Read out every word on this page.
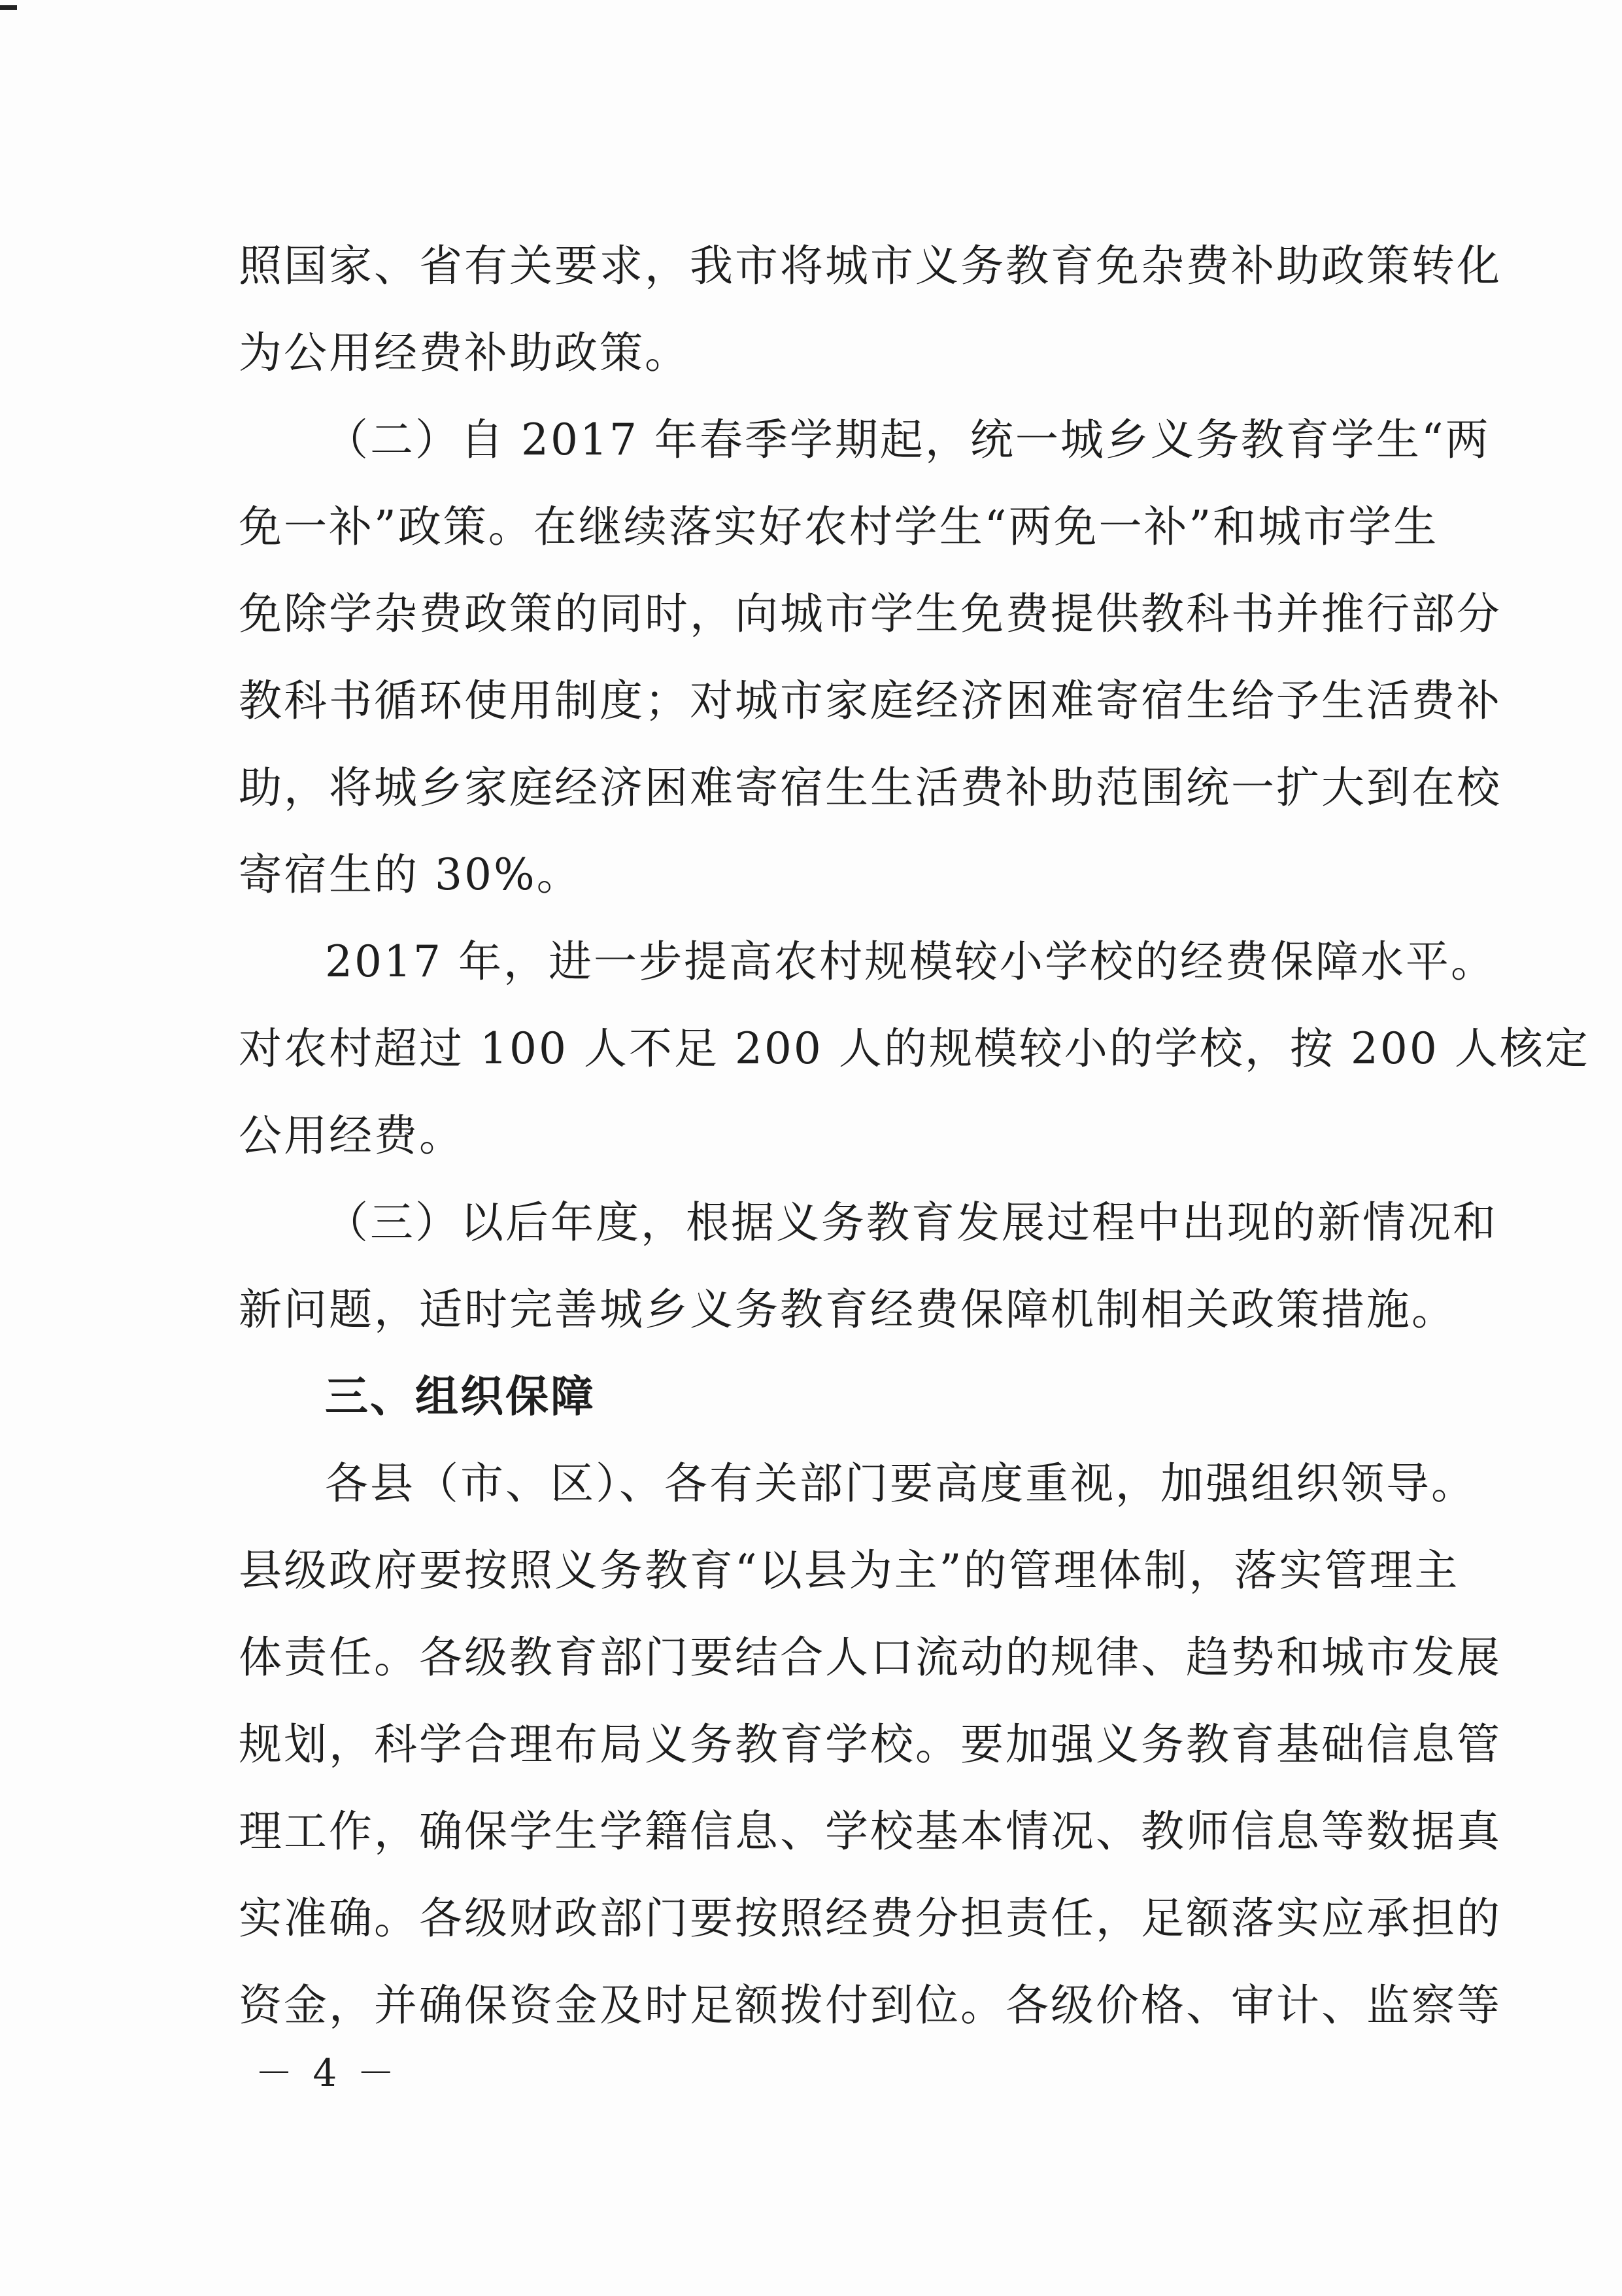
照国家、省有关要求，我市将城市义务教育免杂费补助政策转化
为公用经费补助政策。
（二）自 2017 年春季学期起，统一城乡义务教育学生“两
免一补”政策。在继续落实好农村学生“两免一补”和城市学生
免除学杂费政策的同时，向城市学生免费提供教科书并推行部分
教科书循环使用制度；对城市家庭经济困难寄宿生给予生活费补
助，将城乡家庭经济困难寄宿生生活费补助范围统一扩大到在校
寄宿生的 30%。
2017 年，进一步提高农村规模较小学校的经费保障水平。
对农村超过 100 人不足 200 人的规模较小的学校，按 200 人核定
公用经费。
（三）以后年度，根据义务教育发展过程中出现的新情况和
新问题，适时完善城乡义务教育经费保障机制相关政策措施。
三、组织保障
各县（市、区）、各有关部门要高度重视，加强组织领导。
县级政府要按照义务教育“以县为主”的管理体制，落实管理主
体责任。各级教育部门要结合人口流动的规律、趋势和城市发展
规划，科学合理布局义务教育学校。要加强义务教育基础信息管
理工作，确保学生学籍信息、学校基本情况、教师信息等数据真
实准确。各级财政部门要按照经费分担责任，足额落实应承担的
资金，并确保资金及时足额拨付到位。各级价格、审计、监察等
－ 4 －
